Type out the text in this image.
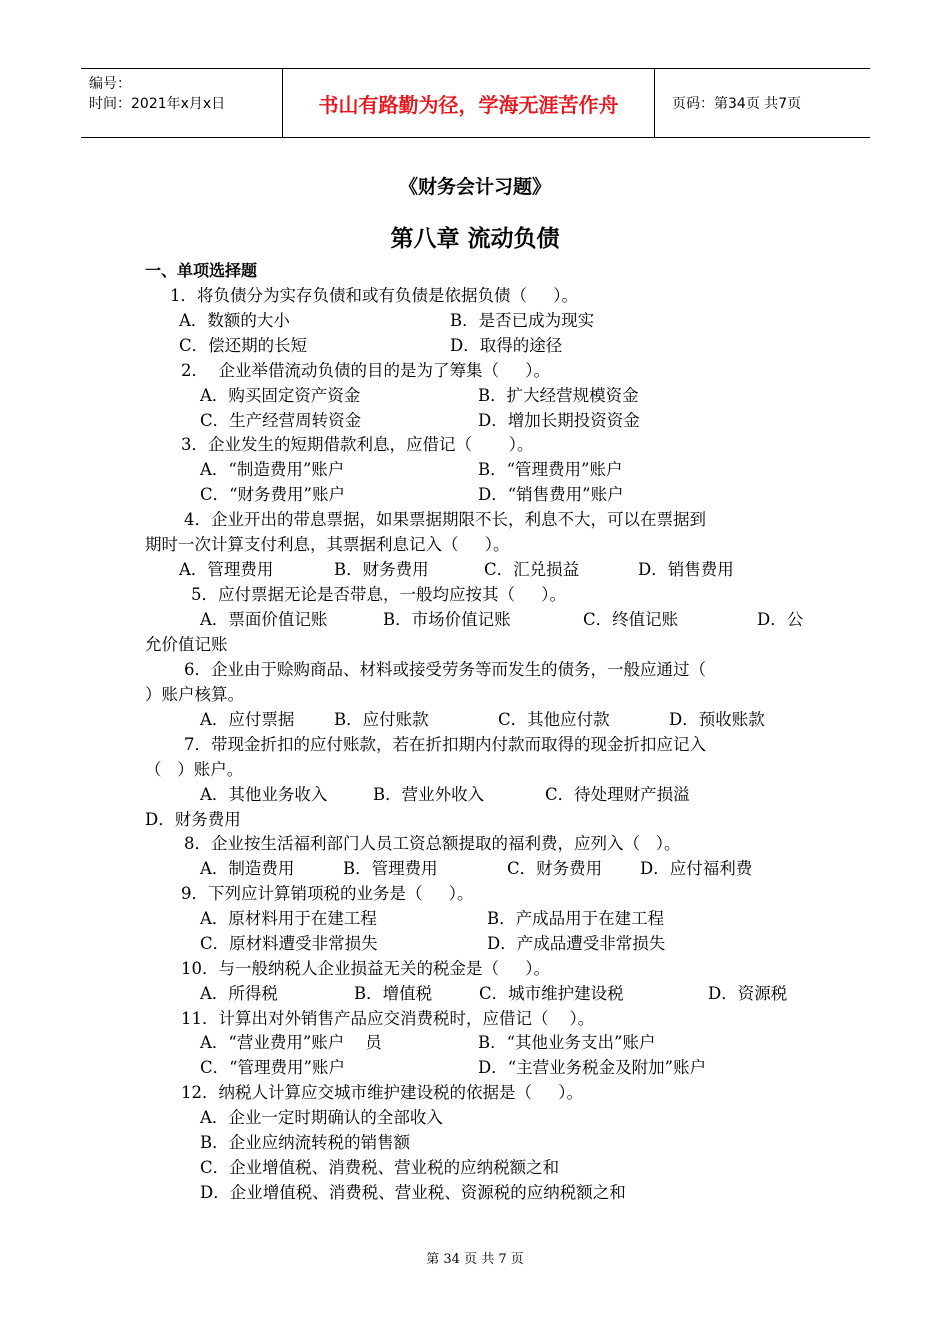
编号：
时间：2021年x月x日	书山有路勤为径，学海无涯苦作舟	页码：第34页 共7页
《财务会计习题》
第八章 流动负债
一、单项选择题
1．将负债分为实存负债和或有负债是依据负债（     ）。
A．数额的大小	B．是否已成为现实
C．偿还期的长短	D．取得的途径
2．  企业举借流动负债的目的是为了筹集（     ）。
A．购买固定资产资金	B．扩大经营规模资金
C．生产经营周转资金	D．增加长期投资资金
3．企业发生的短期借款利息，应借记（       ）。
A．“制造费用”账户	B．“管理费用”账户
C．“财务费用”账户	D．“销售费用”账户
4．企业开出的带息票据，如果票据期限不长，利息不大，可以在票据到
期时一次计算支付利息，其票据利息记入（     ）。
A．管理费用	B．财务费用	C．汇兑损益	D．销售费用
5．应付票据无论是否带息，一般均应按其（     ）。
A．票面价值记账	B．市场价值记账	C．终值记账	D．公
允价值记账
6．企业由于赊购商品、材料或接受劳务等而发生的债务，一般应通过（
）账户核算。
A．应付票据 B．应付账款	C．其他应付款	D．预收账款
7．带现金折扣的应付账款，若在折扣期内付款而取得的现金折扣应记入
（   ）账户。
A．其他业务收入	B．营业外收入	C．待处理财产损溢
D．财务费用
8．企业按生活福利部门人员工资总额提取的福利费，应列入（   ）。
A．制造费用	B．管理费用	C．财务费用 D．应付福利费
9．下列应计算销项税的业务是（     ）。
A．原材料用于在建工程	B．产成品用于在建工程
C．原材料遭受非常损失	D．产成品遭受非常损失
10．与一般纳税人企业损益无关的税金是（     ）。
A．所得税	B．增值税	C．城市维护建设税	D．资源税
11．计算出对外销售产品应交消费税时，应借记（    ）。
A．“营业费用”账户    员	B．“其他业务支出”账户
C．“管理费用”账户	D．“主营业务税金及附加”账户
12．纳税人计算应交城市维护建设税的依据是（     ）。
A．企业一定时期确认的全部收入
B．企业应纳流转税的销售额
C．企业增值税、消费税、营业税的应纳税额之和
D．企业增值税、消费税、营业税、资源税的应纳税额之和
第 34 页 共 7 页
